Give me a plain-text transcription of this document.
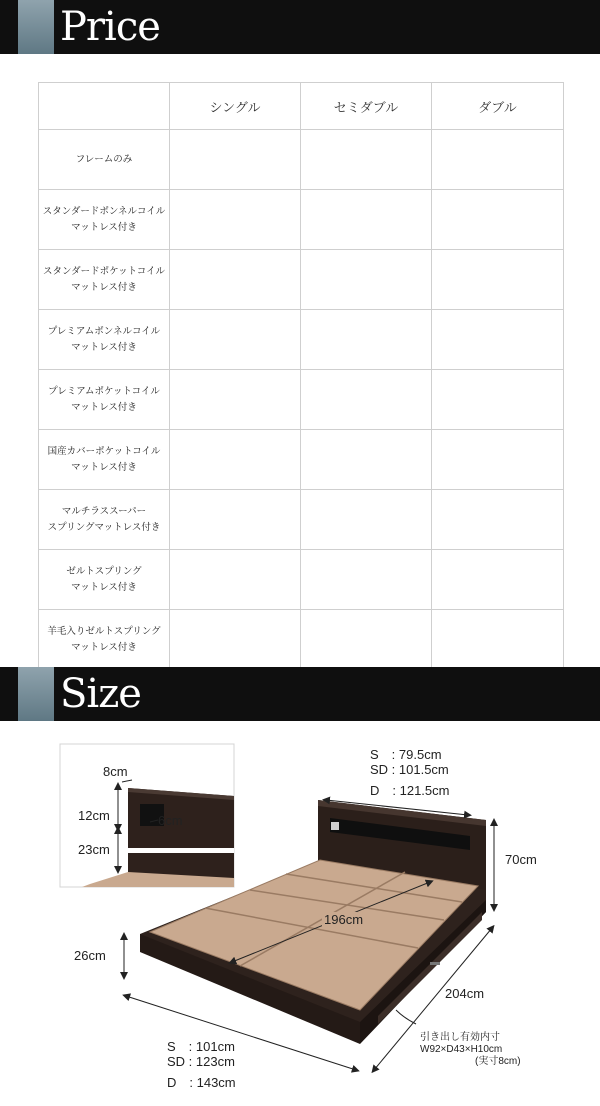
Price
	シングル	セミダブル	ダブル

フレームのみ			

スタンダードボンネルコイル
マットレス付き			

スタンダードポケットコイル
マットレス付き			

プレミアムボンネルコイル
マットレス付き			

プレミアムポケットコイル
マットレス付き			

国産カバーポケットコイル
マットレス付き			

マルチラススーパー
スプリングマットレス付き			

ゼルトスプリング
マットレス付き			

羊毛入りゼルトスプリング
マットレス付き			

Size
S　: 79.5cm
SD : 101.5cm
D　: 121.5cm
70cm
196cm
204cm
26cm
S　: 101cm
SD : 123cm
D　: 143cm
引き出し有効内寸
W92×D43×H10cm
(実寸8cm)
8cm
12cm	6cm
23cm
